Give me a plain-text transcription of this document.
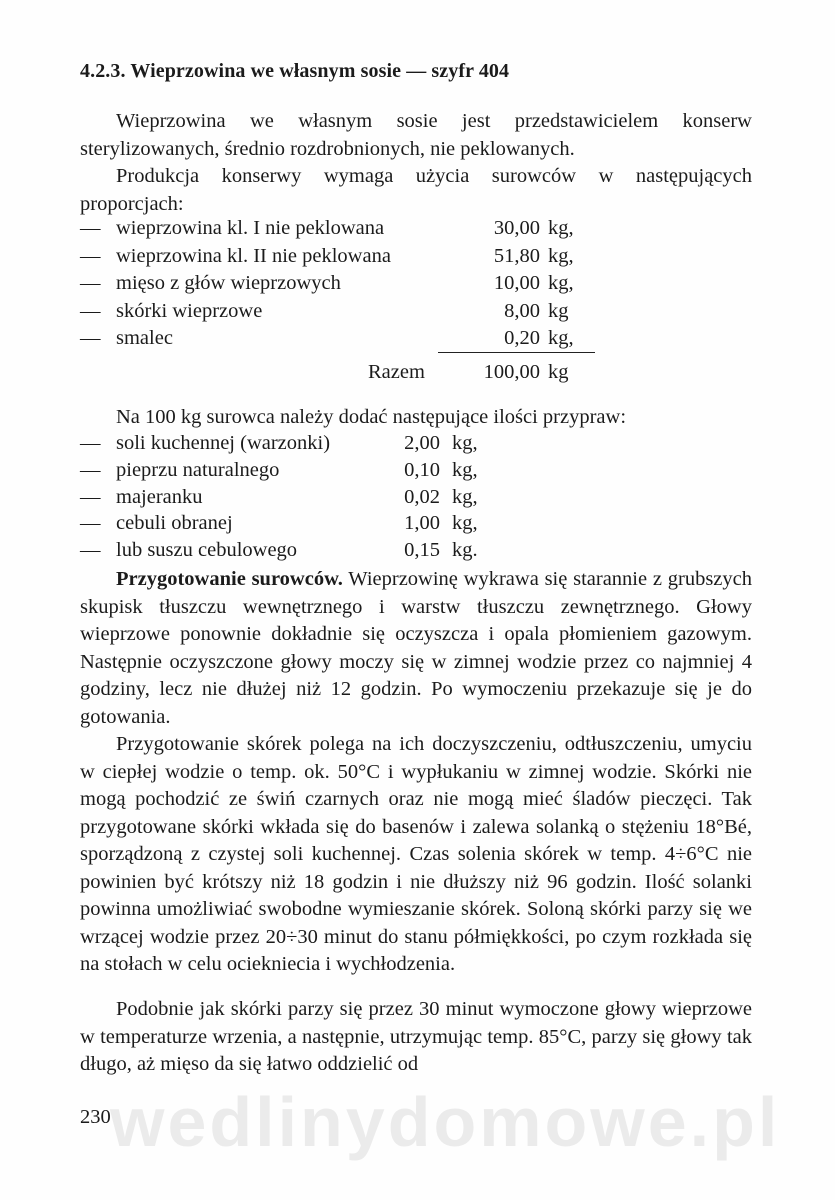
4.2.3. Wieprzowina we własnym sosie — szyfr 404
Wieprzowina we własnym sosie jest przedstawicielem konserw sterylizowanych, średnio rozdrobnionych, nie peklowanych.
Produkcja konserwy wymaga użycia surowców w następujących proporcjach:
— wieprzowina kl. I nie peklowana	30,00 kg,
— wieprzowina kl. II nie peklowana	51,80 kg,
— mięso z głów wieprzowych	10,00 kg,
— skórki wieprzowe	8,00 kg
— smalec	0,20 kg,
Razem	100,00 kg
Na 100 kg surowca należy dodać następujące ilości przypraw:
— soli kuchennej (warzonki)	2,00 kg,
— pieprzu naturalnego	0,10 kg,
— majeranku	0,02 kg,
— cebuli obranej	1,00 kg,
— lub suszu cebulowego	0,15 kg.
Przygotowanie surowców. Wieprzowinę wykrawa się starannie z grubszych skupisk tłuszczu wewnętrznego i warstw tłuszczu zewnętrznego. Głowy wieprzowe ponownie dokładnie się oczyszcza i opala płomieniem gazowym. Następnie oczyszczone głowy moczy się w zimnej wodzie przez co najmniej 4 godziny, lecz nie dłużej niż 12 godzin. Po wymoczeniu przekazuje się je do gotowania.
Przygotowanie skórek polega na ich doczyszczeniu, odtłuszczeniu, umyciu w ciepłej wodzie o temp. ok. 50°C i wypłukaniu w zimnej wodzie. Skórki nie mogą pochodzić ze świń czarnych oraz nie mogą mieć śladów pieczęci. Tak przygotowane skórki wkłada się do basenów i zalewa solanką o stężeniu 18°Bé, sporządzoną z czystej soli kuchennej. Czas solenia skórek w temp. 4÷6°C nie powinien być krótszy niż 18 godzin i nie dłuższy niż 96 godzin. Ilość solanki powinna umożliwiać swobodne wymieszanie skórek. Soloną skórki parzy się we wrzącej wodzie przez 20÷30 minut do stanu półmiękkości, po czym rozkłada się na stołach w celu ociekniecia i wychłodzenia.
Podobnie jak skórki parzy się przez 30 minut wymoczone głowy wieprzowe w temperaturze wrzenia, a następnie, utrzymując temp. 85°C, parzy się głowy tak długo, aż mięso da się łatwo oddzielić od
wedlinydomowe.pl
230
